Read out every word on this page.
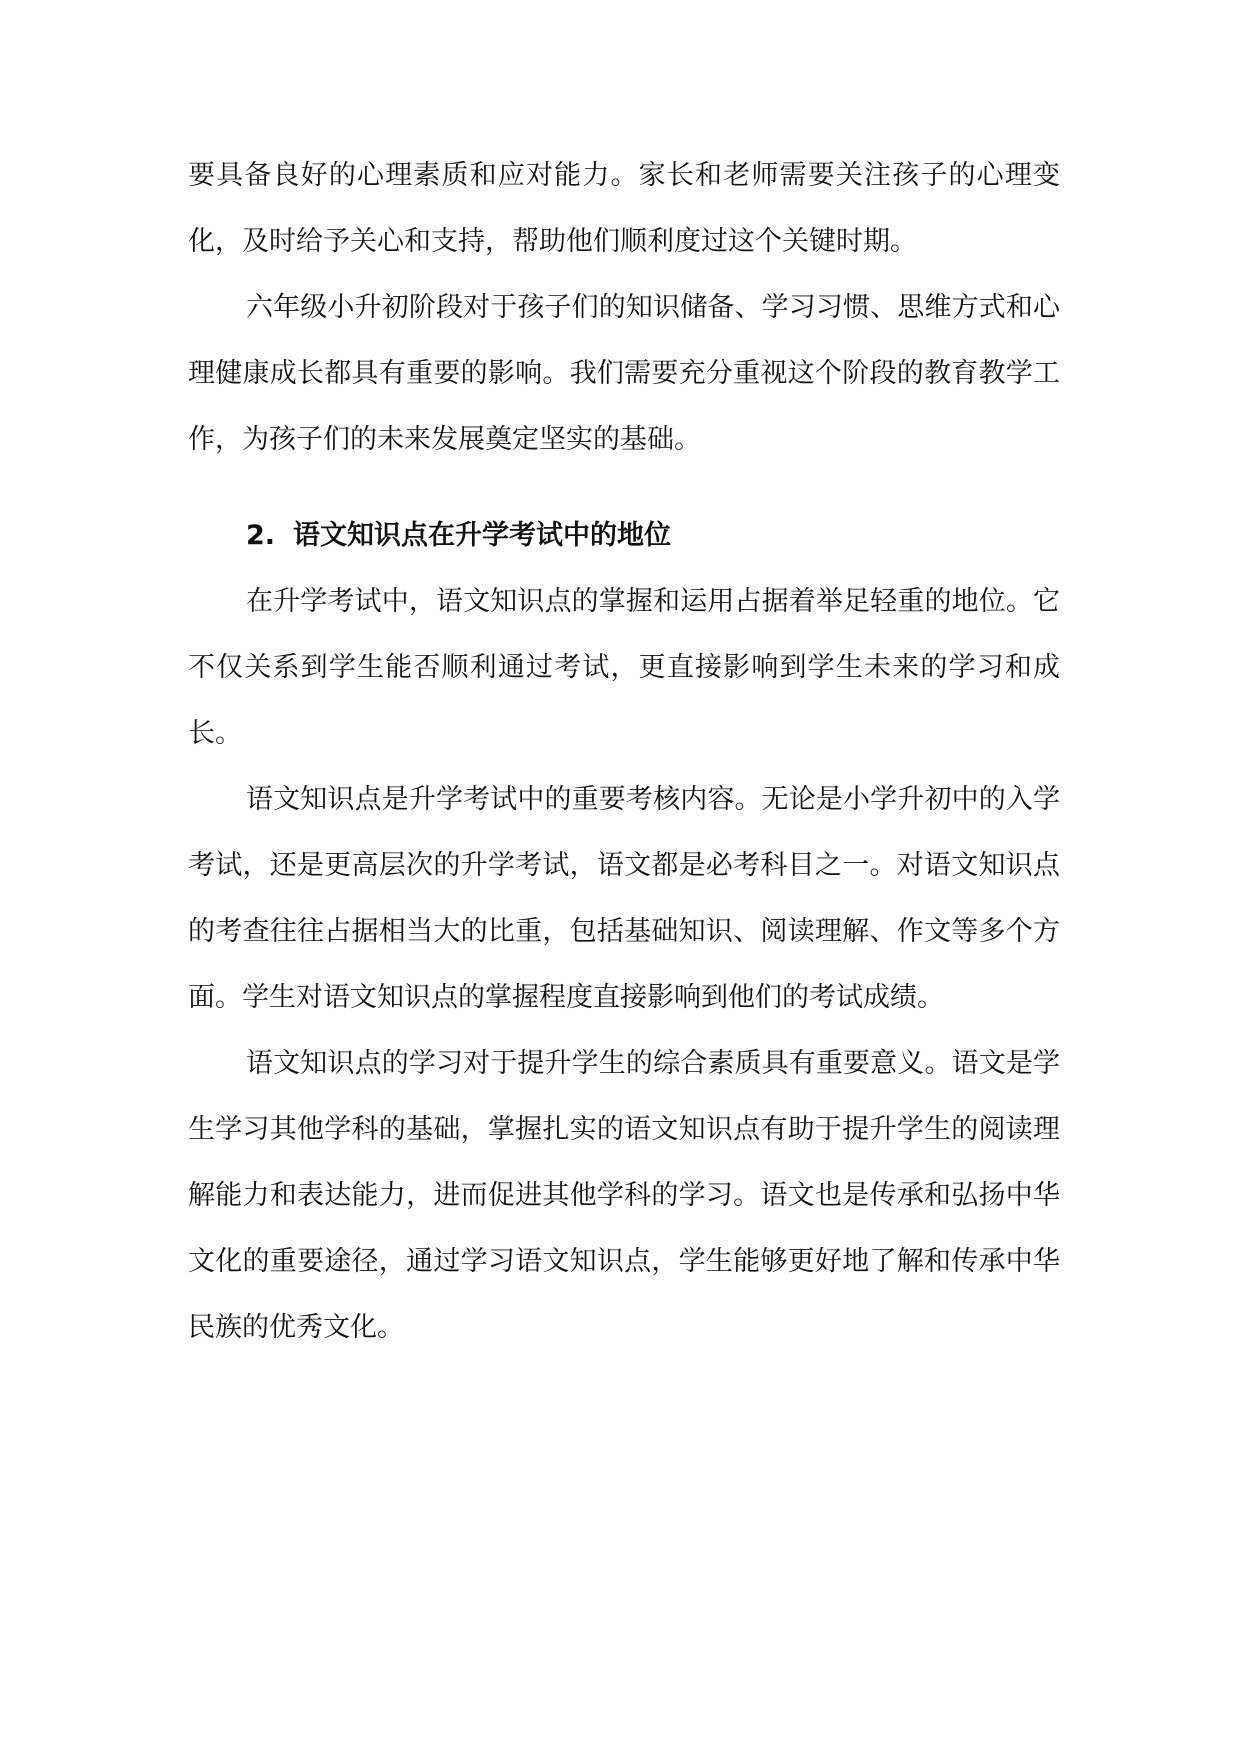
要具备良好的心理素质和应对能力。家长和老师需要关注孩子的心理变化，及时给予关心和支持，帮助他们顺利度过这个关键时期。

六年级小升初阶段对于孩子们的知识储备、学习习惯、思维方式和心理健康成长都具有重要的影响。我们需要充分重视这个阶段的教育教学工作，为孩子们的未来发展奠定坚实的基础。

2. 语文知识点在升学考试中的地位

在升学考试中，语文知识点的掌握和运用占据着举足轻重的地位。它不仅关系到学生能否顺利通过考试，更直接影响到学生未来的学习和成长。

语文知识点是升学考试中的重要考核内容。无论是小学升初中的入学考试，还是更高层次的升学考试，语文都是必考科目之一。对语文知识点的考查往往占据相当大的比重，包括基础知识、阅读理解、作文等多个方面。学生对语文知识点的掌握程度直接影响到他们的考试成绩。

语文知识点的学习对于提升学生的综合素质具有重要意义。语文是学生学习其他学科的基础，掌握扎实的语文知识点有助于提升学生的阅读理解能力和表达能力，进而促进其他学科的学习。语文也是传承和弘扬中华文化的重要途径，通过学习语文知识点，学生能够更好地了解和传承中华民族的优秀文化。
